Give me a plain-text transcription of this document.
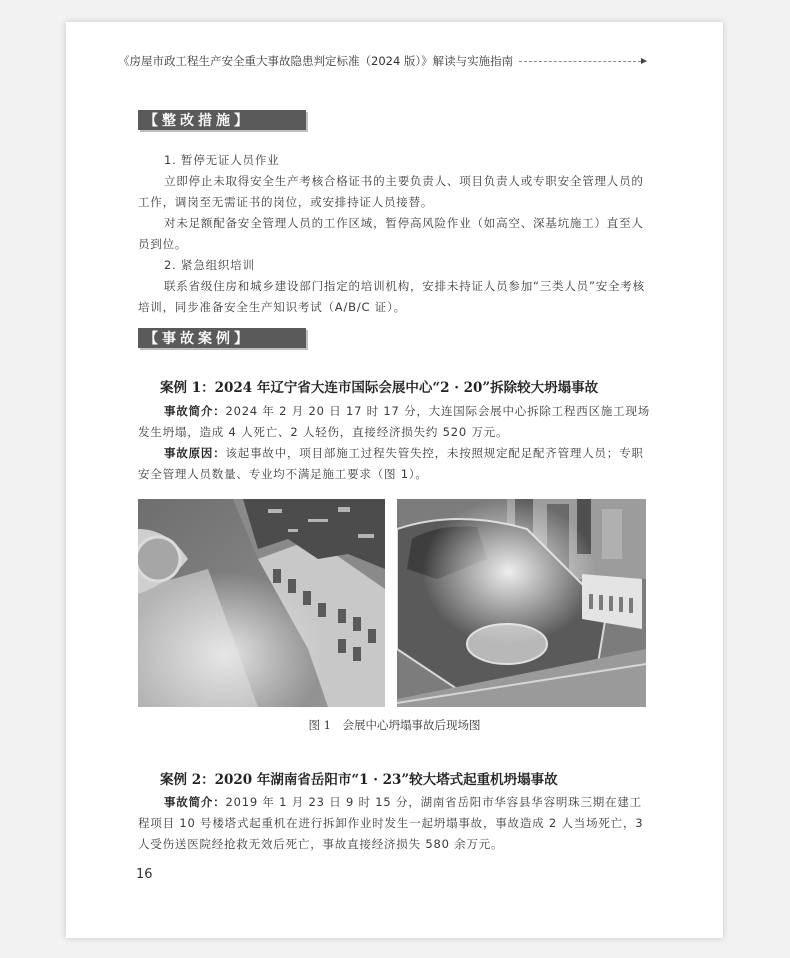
《房屋市政工程生产安全重大事故隐患判定标准（2024 版）》解读与实施指南
【整改措施】

1. 暂停无证人员作业

立即停止未取得安全生产考核合格证书的主要负责人、项目负责人或专职安全管理人员的工作，调岗至无需证书的岗位，或安排持证人员接替。

对未足额配备安全管理人员的工作区域，暂停高风险作业（如高空、深基坑施工）直至人员到位。

2. 紧急组织培训

联系省级住房和城乡建设部门指定的培训机构，安排未持证人员参加“三类人员”安全考核培训，同步准备安全生产知识考试（A/B/C 证）。

【事故案例】
案例 1：2024 年辽宁省大连市国际会展中心“2 · 20”拆除较大坍塌事故

事故简介：2024 年 2 月 20 日 17 时 17 分，大连国际会展中心拆除工程西区施工现场发生坍塌，造成 4 人死亡、2 人轻伤，直接经济损失约 520 万元。

事故原因：该起事故中，项目部施工过程失管失控，未按照规定配足配齐管理人员；专职安全管理人员数量、专业均不满足施工要求（图 1）。

图 1　会展中心坍塌事故后现场图
案例 2：2020 年湖南省岳阳市“1 · 23”较大塔式起重机坍塌事故

事故简介：2019 年 1 月 23 日 9 时 15 分，湖南省岳阳市华容县华容明珠三期在建工程项目 10 号楼塔式起重机在进行拆卸作业时发生一起坍塌事故，事故造成 2 人当场死亡，3 人受伤送医院经抢救无效后死亡，事故直接经济损失 580 余万元。

16
